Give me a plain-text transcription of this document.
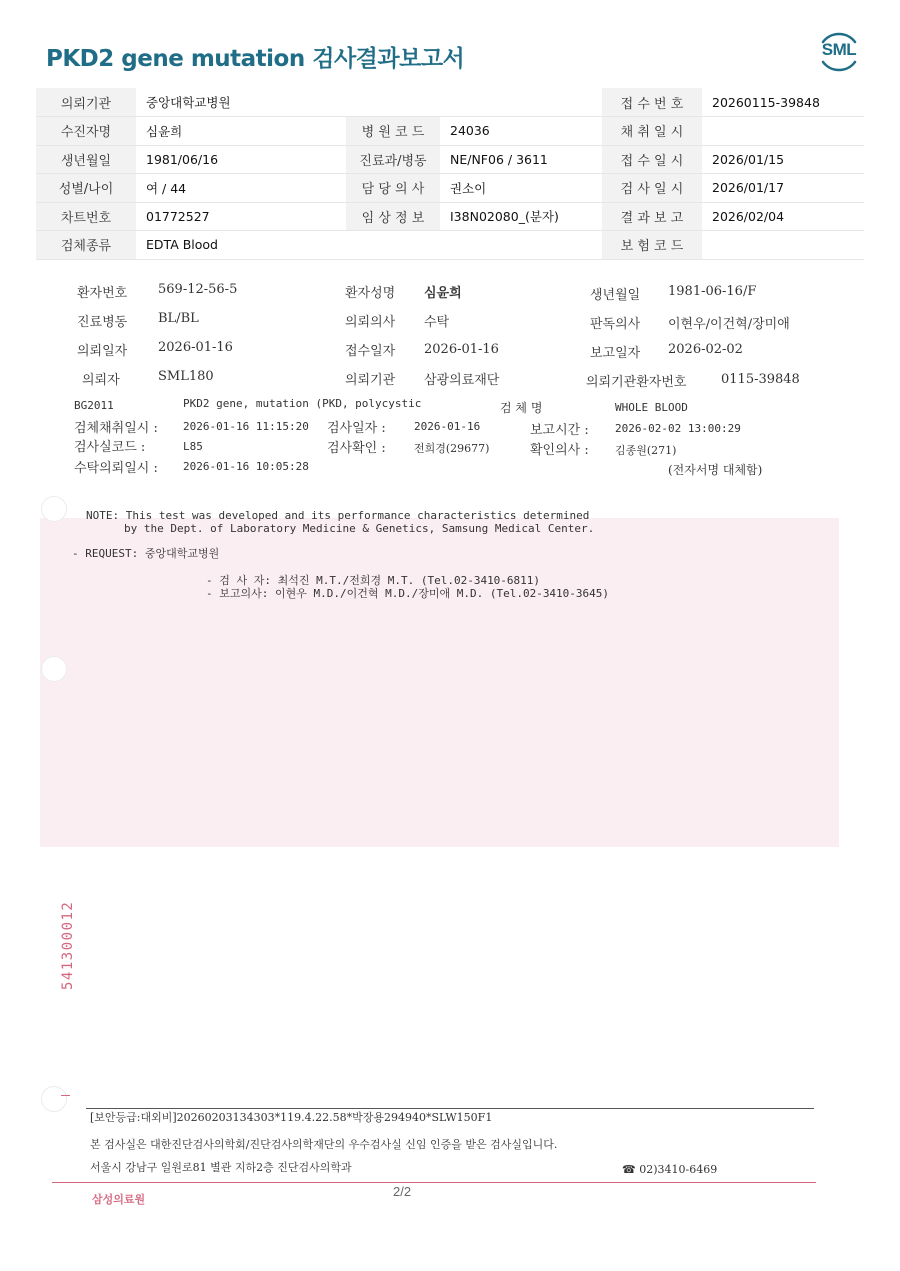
PKD2 gene mutation 검사결과보고서	SML
의뢰기관	중앙대학교병원			접 수 번 호	20260115-39848
수진자명	심윤희	병 원 코 드	24036	채 취 일 시	
생년월일	1981/06/16	진료과/병동	NE/NF06 / 3611	접 수 일 시	2026/01/15
성별/나이	여 / 44	담 당 의 사	권소이	검 사 일 시	2026/01/17
차트번호	01772527	임 상 정 보	I38N02080_(분자)	결 과 보 고	2026/02/04
검체종류	EDTA Blood			보 험 코 드	
환자번호 569-12-56-5	환자성명 심윤희	생년월일 1981-06-16/F
진료병동 BL/BL	의뢰의사 수탁	판독의사 이현우/이건혁/장미애
의뢰일자 2026-01-16	접수일자 2026-01-16	보고일자 2026-02-02
의뢰자	SML180	의뢰기관 삼광의료재단	의뢰기관환자번호	0115-39848
BG2011	PKD2 gene, mutation (PKD, polycystic	검 체 명	WHOLE BLOOD
검체채취일시 : 2026-01-16 11:15:20 검사일자 :	2026-01-16	보고시간 : 2026-02-02 13:00:29
검사실코드 :	L85	검사확인 :	전희경(29677)	확인의사 : 김종원(271)
수탁의뢰일시 : 2026-01-16 10:05:28	(전자서명 대체함)
NOTE: This test was developed and its performance characteristics determined
by the Dept. of Laboratory Medicine & Genetics, Samsung Medical Center.
- REQUEST: 중앙대학교병원
- 검 사 자: 최석진 M.T./전희경 M.T. (Tel.02-3410-6811)
- 보고의사: 이현우 M.D./이건혁 M.D./장미애 M.D. (Tel.02-3410-3645)
541300012
[보안등급:대외비]20260203134303*119.4.22.58*박장용294940*SLW150F1
본 검사실은 대한진단검사의학회/진단검사의학재단의 우수검사실 신임 인증을 받은 검사실입니다.
서울시 강남구 일원로81 별관 지하2층 진단검사의학과	☎ 02)3410-6469
삼성의료원
2/2
